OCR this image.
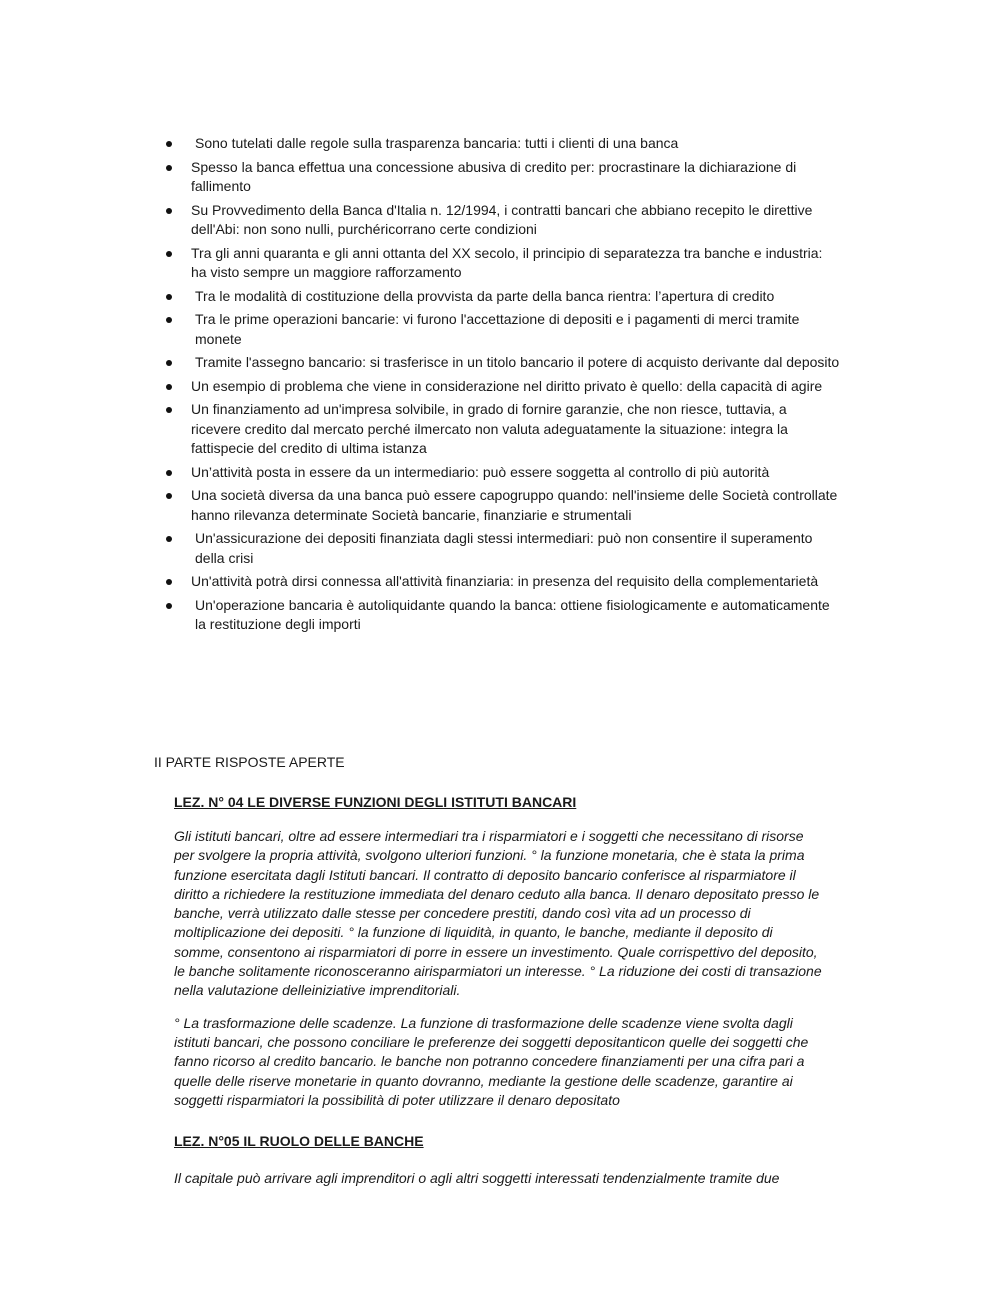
Sono tutelati dalle regole sulla trasparenza bancaria: tutti i clienti di una banca
Spesso la banca effettua una concessione abusiva di credito per: procrastinare la dichiarazione di fallimento
Su Provvedimento della Banca d'Italia n. 12/1994, i contratti bancari che abbiano recepito le direttive dell'Abi: non sono nulli, purchéricorrano certe condizioni
Tra gli anni quaranta e gli anni ottanta del XX secolo, il principio di separatezza tra banche e industria: ha visto sempre un maggiore rafforzamento
Tra le modalità di costituzione della provvista da parte della banca rientra: l’apertura di credito
Tra le prime operazioni bancarie: vi furono l'accettazione di depositi e i pagamenti di merci tramite monete
Tramite l'assegno bancario: si trasferisce in un titolo bancario il potere di acquisto derivante dal deposito
Un esempio di problema che viene in considerazione nel diritto privato è quello: della capacità di agire
Un finanziamento ad un'impresa solvibile, in grado di fornire garanzie, che non riesce, tuttavia, a ricevere credito dal mercato perché ilmercato non valuta adeguatamente la situazione: integra la fattispecie del credito di ultima istanza
Un’attività posta in essere da un intermediario: può essere soggetta al controllo di più autorità
Una società diversa da una banca può essere capogruppo quando: nell'insieme delle Società controllate hanno rilevanza determinate Società bancarie, finanziarie e strumentali
Un'assicurazione dei depositi finanziata dagli stessi intermediari: può non consentire il superamento della crisi
Un'attività potrà dirsi connessa all'attività finanziaria: in presenza del requisito della complementarietà
Un'operazione bancaria è autoliquidante quando la banca: ottiene fisiologicamente e automaticamente la restituzione degli importi
II PARTE RISPOSTE APERTE

LEZ. N° 04 LE DIVERSE FUNZIONI DEGLI ISTITUTI BANCARI

Gli istituti bancari, oltre ad essere intermediari tra i risparmiatori e i soggetti che necessitano di risorse per svolgere la propria attività, svolgono ulteriori funzioni. ° la funzione monetaria, che è stata la prima funzione esercitata dagli Istituti bancari. Il contratto di deposito bancario conferisce al risparmiatore il diritto a richiedere la restituzione immediata del denaro ceduto alla banca. Il denaro depositato presso le banche, verrà utilizzato dalle stesse per concedere prestiti, dando così vita ad un processo di moltiplicazione dei depositi. ° la funzione di liquidità, in quanto, le banche, mediante il deposito di somme, consentono ai risparmiatori di porre in essere un investimento. Quale corrispettivo del deposito, le banche solitamente riconosceranno airisparmiatori un interesse. ° La riduzione dei costi di transazione nella valutazione delleiniziative imprenditoriali.

° La trasformazione delle scadenze. La funzione di trasformazione delle scadenze viene svolta dagli istituti bancari, che possono conciliare le preferenze dei soggetti depositanticon quelle dei soggetti che fanno ricorso al credito bancario. le banche non potranno concedere finanziamenti per una cifra pari a quelle delle riserve monetarie in quanto dovranno, mediante la gestione delle scadenze, garantire ai soggetti risparmiatori la possibilità di poter utilizzare il denaro depositato

LEZ. N°05 IL RUOLO DELLE BANCHE

Il capitale può arrivare agli imprenditori o agli altri soggetti interessati tendenzialmente tramite due
